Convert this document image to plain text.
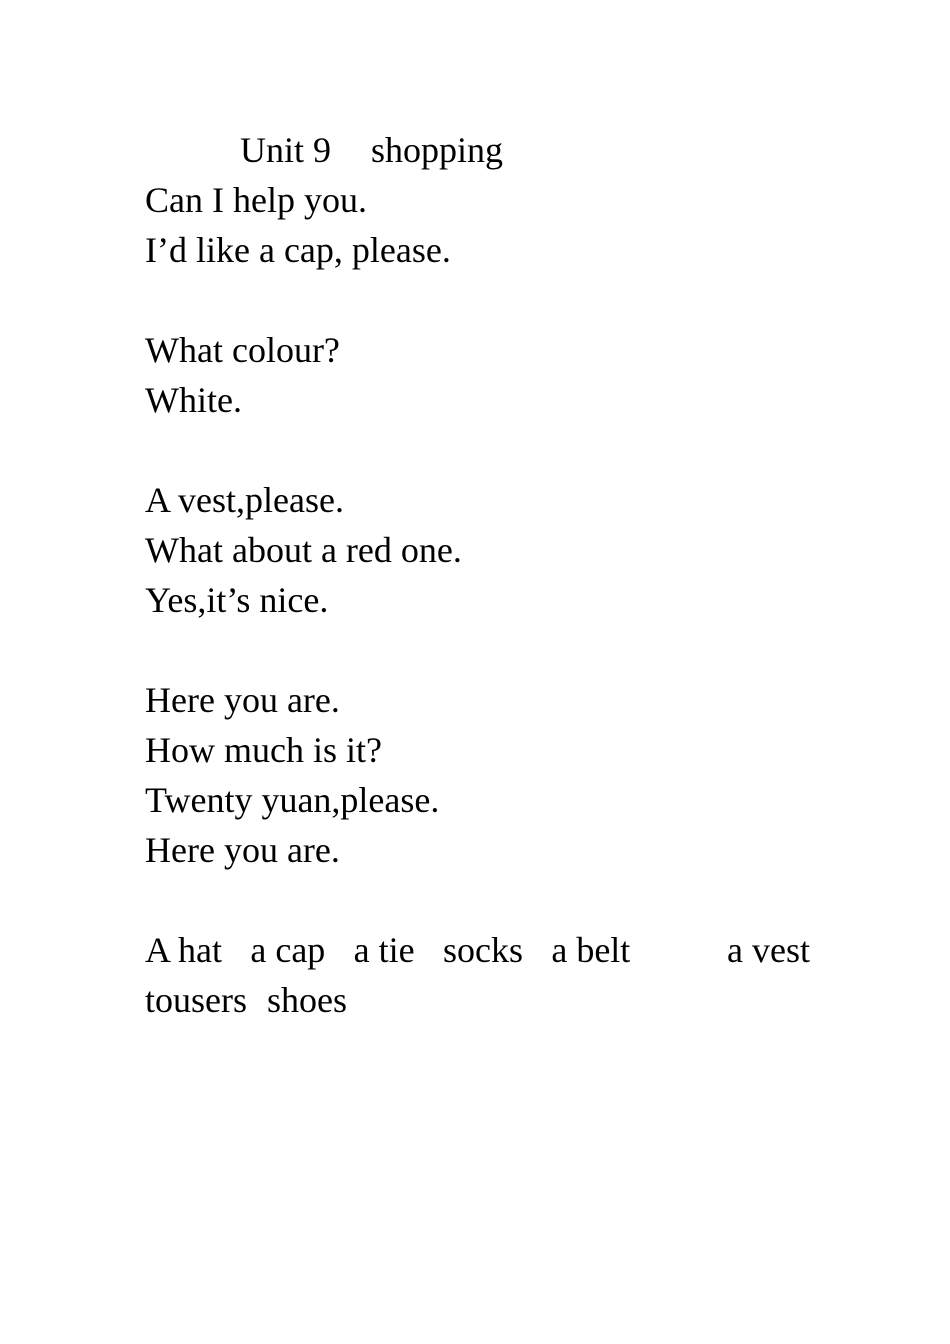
Unit 9 shopping
Can I help you.
I’d like a cap, please.
What colour?
White.
A vest,please.
What about a red one.
Yes,it’s nice.
Here you are.
How much is it?
Twenty yuan,please.
Here you are.
A hat a cap a tie socks a belt	a vest
tousers shoes
